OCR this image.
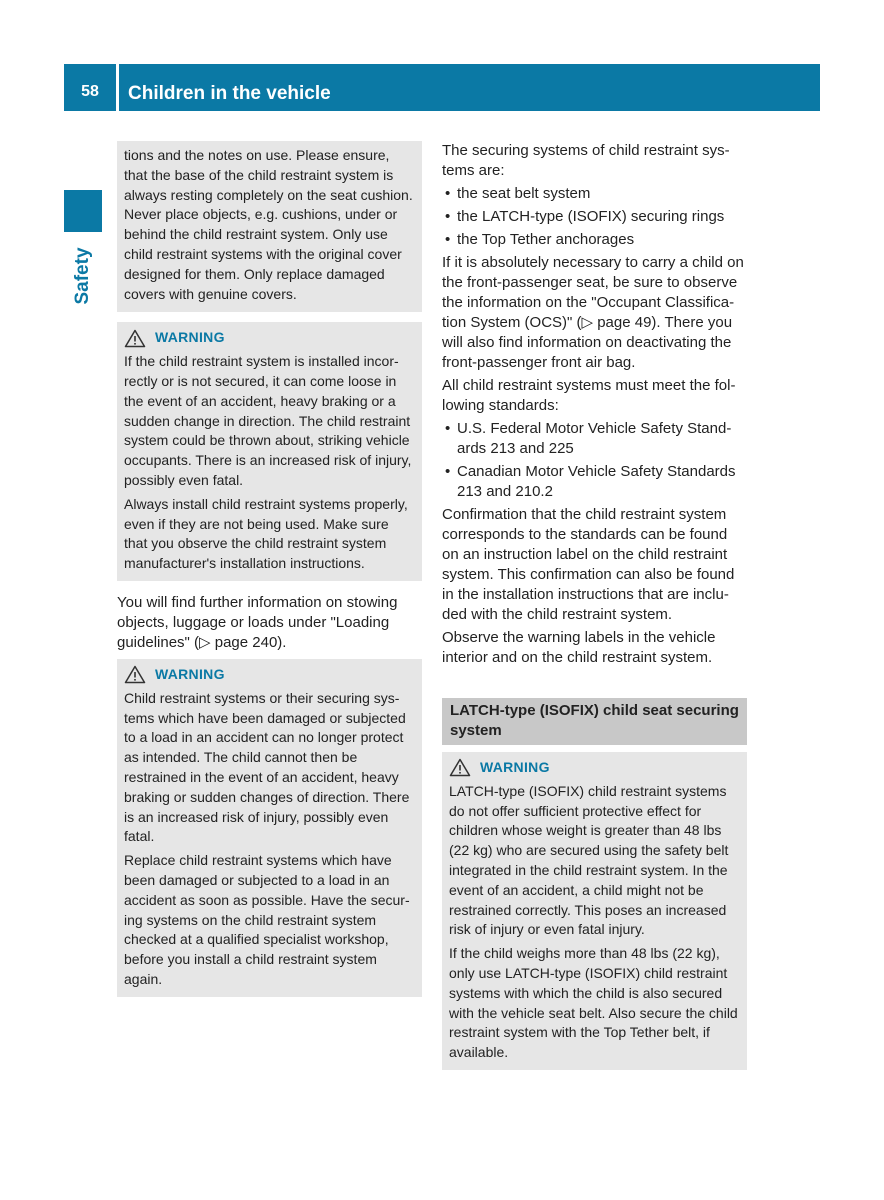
58	Children in the vehicle
Safety

tions and the notes on use. Please ensure, that the base of the child restraint system is always resting completely on the seat cushion. Never place objects, e.g. cushions, under or behind the child restraint system. Only use child restraint systems with the original cover designed for them. Only replace damaged covers with genuine covers.

WARNING

If the child restraint system is installed incorrectly or is not secured, it can come loose in the event of an accident, heavy braking or a sudden change in direction. The child restraint system could be thrown about, striking vehicle occupants. There is an increased risk of injury, possibly even fatal.

Always install child restraint systems properly, even if they are not being used. Make sure that you observe the child restraint system manufacturer's installation instructions.

You will find further information on stowing objects, luggage or loads under "Loading guidelines" (▷ page 240).

WARNING

Child restraint systems or their securing systems which have been damaged or subjected to a load in an accident can no longer protect as intended. The child cannot then be restrained in the event of an accident, heavy braking or sudden changes of direction. There is an increased risk of injury, possibly even fatal.

Replace child restraint systems which have been damaged or subjected to a load in an accident as soon as possible. Have the securing systems on the child restraint system checked at a qualified specialist workshop, before you install a child restraint system again.

The securing systems of child restraint systems are:

• the seat belt system
• the LATCH-type (ISOFIX) securing rings
• the Top Tether anchorages

If it is absolutely necessary to carry a child on the front-passenger seat, be sure to observe the information on the "Occupant Classification System (OCS)" (▷ page 49). There you will also find information on deactivating the front-passenger front air bag.

All child restraint systems must meet the following standards:

• U.S. Federal Motor Vehicle Safety Standards 213 and 225
• Canadian Motor Vehicle Safety Standards 213 and 210.2

Confirmation that the child restraint system corresponds to the standards can be found on an instruction label on the child restraint system. This confirmation can also be found in the installation instructions that are included with the child restraint system.

Observe the warning labels in the vehicle interior and on the child restraint system.

LATCH-type (ISOFIX) child seat securing system
WARNING

LATCH-type (ISOFIX) child restraint systems do not offer sufficient protective effect for children whose weight is greater than 48 lbs (22 kg) who are secured using the safety belt integrated in the child restraint system. In the event of an accident, a child might not be restrained correctly. This poses an increased risk of injury or even fatal injury.

If the child weighs more than 48 lbs (22 kg), only use LATCH-type (ISOFIX) child restraint systems with which the child is also secured with the vehicle seat belt. Also secure the child restraint system with the Top Tether belt, if available.
